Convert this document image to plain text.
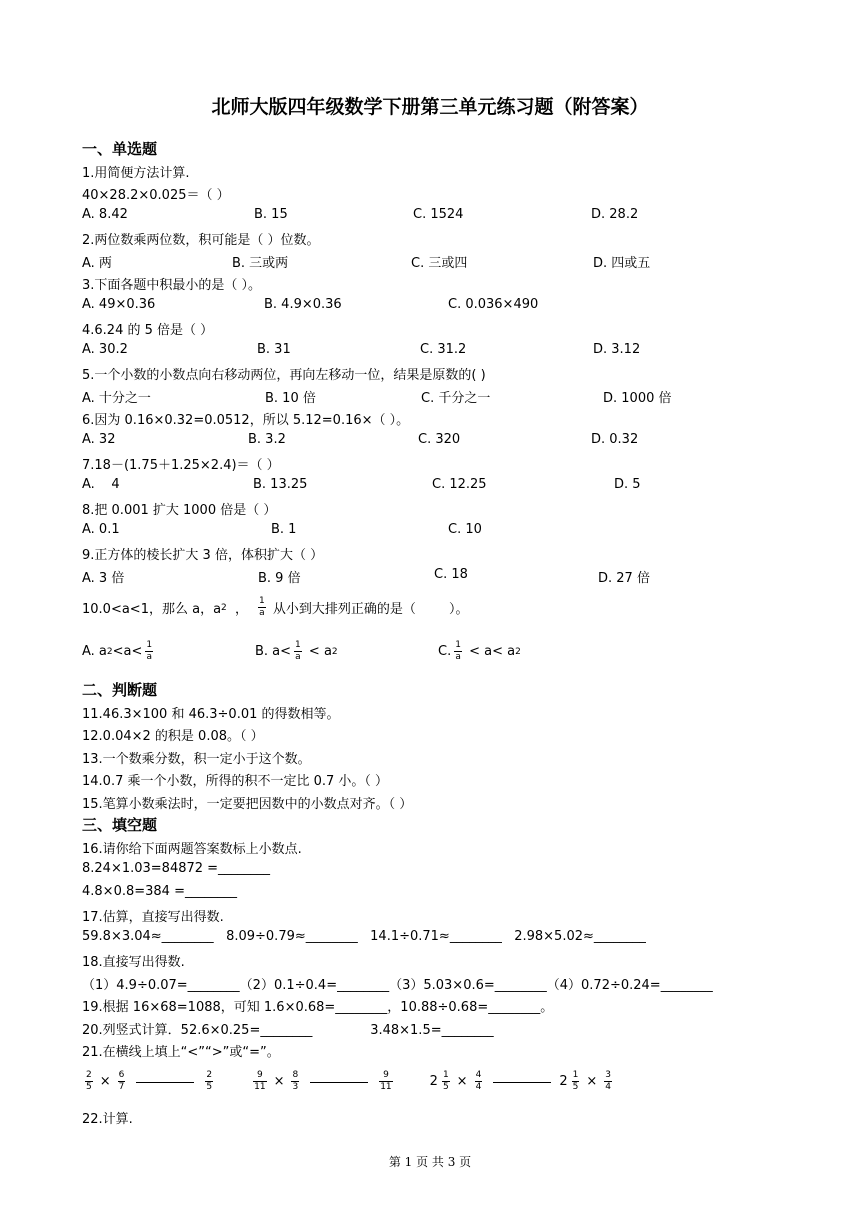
北师大版四年级数学下册第三单元练习题（附答案）
一、单选题
1.用简便方法计算.
40×28.2×0.025＝（ ）
A. 8.42	B. 15	C. 1524	D. 28.2
2.两位数乘两位数，积可能是（ ）位数。
A. 两	B. 三或两	C. 三或四	D. 四或五
3.下面各题中积最小的是（ ）。
A. 49×0.36	B. 4.9×0.36	C. 0.036×490
4.6.24 的 5 倍是（ ）
A. 30.2	B. 31	C. 31.2	D. 3.12
5.一个小数的小数点向右移动两位，再向左移动一位，结果是原数的( )
A. 十分之一	B. 10 倍	C. 千分之一	D. 1000 倍
6.因为 0.16×0.32=0.0512，所以 5.12=0.16×（ ）。
A. 32	B. 3.2	C. 320	D. 0.32
7.18－(1.75＋1.25×2.4)＝（ ）
A.    4	B. 13.25	C. 12.25	D. 5
8.把 0.001 扩大 1000 倍是（ ）
A. 0.1	B. 1	C. 10
9.正方体的棱长扩大 3 倍，体积扩大（ ）
A. 3 倍	B. 9 倍	C. 18	D. 27 倍
10.0<a<1，那么 a，a 2 ， $\frac{1}{a}$ 从小到大排列正确的是（        ）。
A. a $2 <a< \frac{1}{a}$	B. $a< \frac{1}{a} < a$ 2	C. $\frac{1}{a} < a< a$ 2
二、判断题
11.46.3×100 和 46.3÷0.01 的得数相等。
12.0.04×2 的积是 0.08。（ ）
13.一个数乘分数，积一定小于这个数。
14.0.7 乘一个小数，所得的积不一定比 0.7 小。（ ）
15.笔算小数乘法时，一定要把因数中的小数点对齐。（ ）
三、填空题
16.请你给下面两题答案数标上小数点.
8.24×1.03=84872 =________
4.8×0.8=384 =________
17.估算，直接写出得数.
59.8×3.04≈________   8.09÷0.79≈________   14.1÷0.71≈________   2.98×5.02≈________
18.直接写出得数.
（1）4.9÷0.07=________（2）0.1÷0.4=________（3）5.03×0.6=________（4）0.72÷0.24=________
19.根据 16×68=1088，可知 1.6×0.68=________，10.88÷0.68=________。
20.列竖式计算．52.6×0.25=________              3.48×1.5=________
21.在横线上填上“<”“>”或“=”。
$\frac{2}{5} \times \frac{6}{7}$	$\frac{2}{5}$	$\frac{9}{11} \times \frac{8}{3}$	$\frac{9}{11}$	$2 \frac{1}{5} \times \frac{4}{4}$	$2 \frac{1}{5} \times \frac{3}{4}$
22.计算.
第 1 页 共 3 页
